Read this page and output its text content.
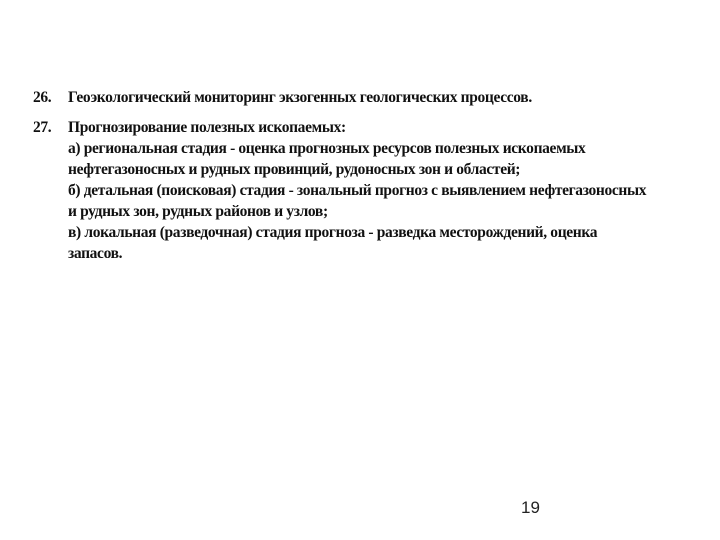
26.	Геоэкологический мониторинг экзогенных геологических процессов.
27.	Прогнозирование полезных ископаемых:
а) региональная стадия - оценка прогнозных ресурсов полезных ископаемых
нефтегазоносных и рудных провинций, рудоносных зон и областей;
б) детальная (поисковая) стадия - зональный прогноз с выявлением нефтегазоносных
и рудных зон, рудных районов и узлов;
в) локальная (разведочная) стадия прогноза - разведка месторождений, оценка
запасов.
19
